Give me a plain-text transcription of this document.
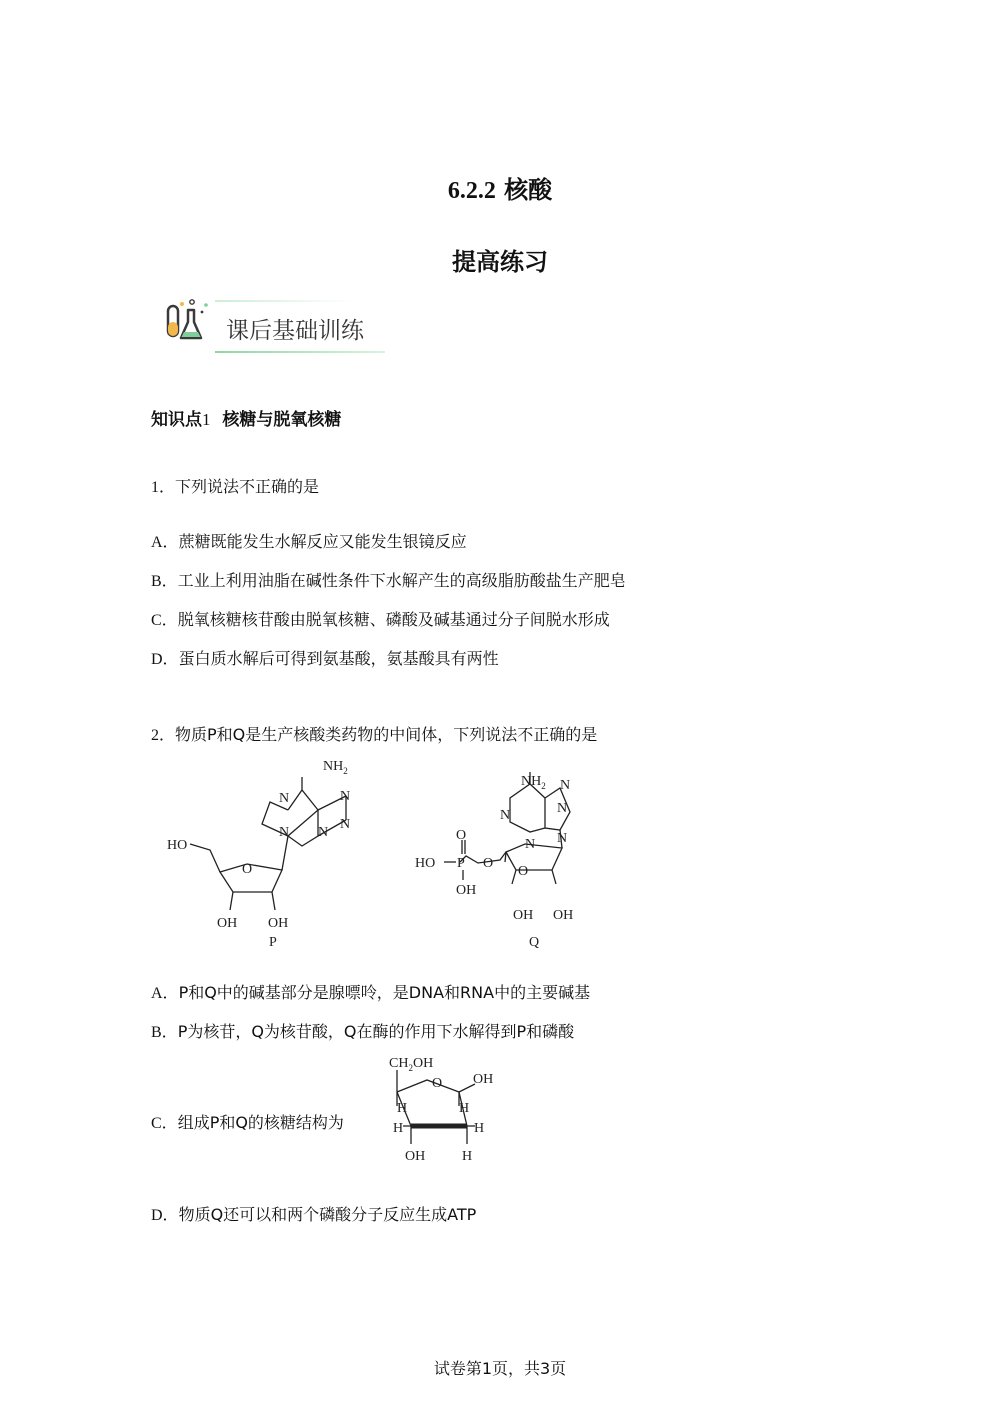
6.2.2 核酸
提高练习
课后基础训练
知识点1 核糖与脱氧核糖
1．下列说法不正确的是
A．蔗糖既能发生水解反应又能发生银镜反应
B．工业上利用油脂在碱性条件下水解产生的高级脂肪酸盐生产肥皂
C．脱氧核糖核苷酸由脱氧核糖、磷酸及碱基通过分子间脱水形成
D．蛋白质水解后可得到氨基酸，氨基酸具有两性
2．物质P和Q是生产核酸类药物的中间体，下列说法不正确的是
$NH_2$
N	N
N
N
N
O
HO
OH OH
P
$NH_2$
N	N
N
N
N
O
O
HO P O
OH
OH OH
Q
A．P和Q中的碱基部分是腺嘌呤，是DNA和RNA中的主要碱基
B．P为核苷，Q为核苷酸，Q在酶的作用下水解得到P和磷酸
C．组成P和Q的核糖结构为
$CH_2OH$
O OH
H	H
H	H
OH	H
D．物质Q还可以和两个磷酸分子反应生成ATP
试卷第1页，共3页
